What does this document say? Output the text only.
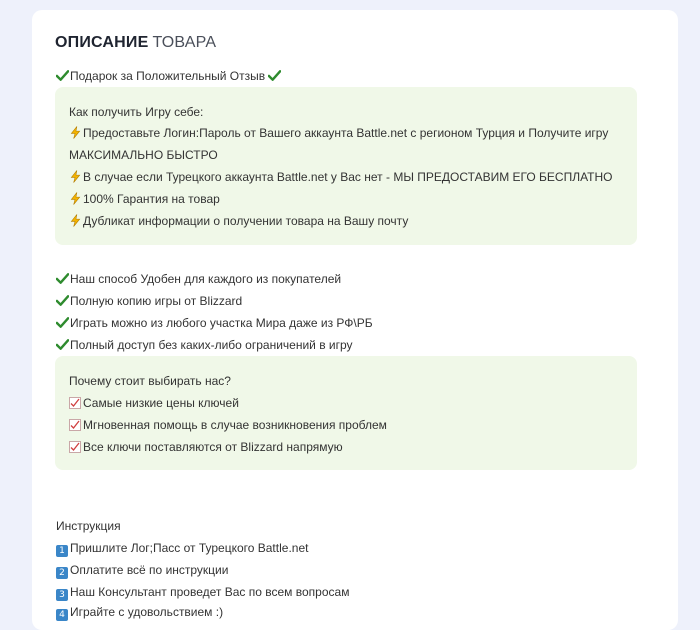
ОПИСАНИЕ ТОВАРА
Подарок за Положительный Отзыв
Как получить Игру себе:
Предоставьте Логин:Пароль от Вашего аккаунта Battle.net с регионом Турция и Получите игру
МАКСИМАЛЬНО БЫСТРО
В случае если Турецкого аккаунта Battle.net у Вас нет - МЫ ПРЕДОСТАВИМ ЕГО БЕСПЛАТНО
100% Гарантия на товар
Дубликат информации о получении товара на Вашу почту
Наш способ Удобен для каждого из покупателей
Полную копию игры от Blizzard
Играть можно из любого участка Мира даже из РФ\РБ
Полный доступ без каких-либо ограничений в игру
Почему стоит выбирать нас?
Самые низкие цены ключей
Мгновенная помощь в случае возникновения проблем
Все ключи поставляются от Blizzard напрямую
Инструкция
1 Пришлите Лог;Пасс от Турецкого Battle.net
2 Оплатите всё по инструкции
3 Наш Консультант проведет Вас по всем вопросам
4 Играйте с удовольствием :)
